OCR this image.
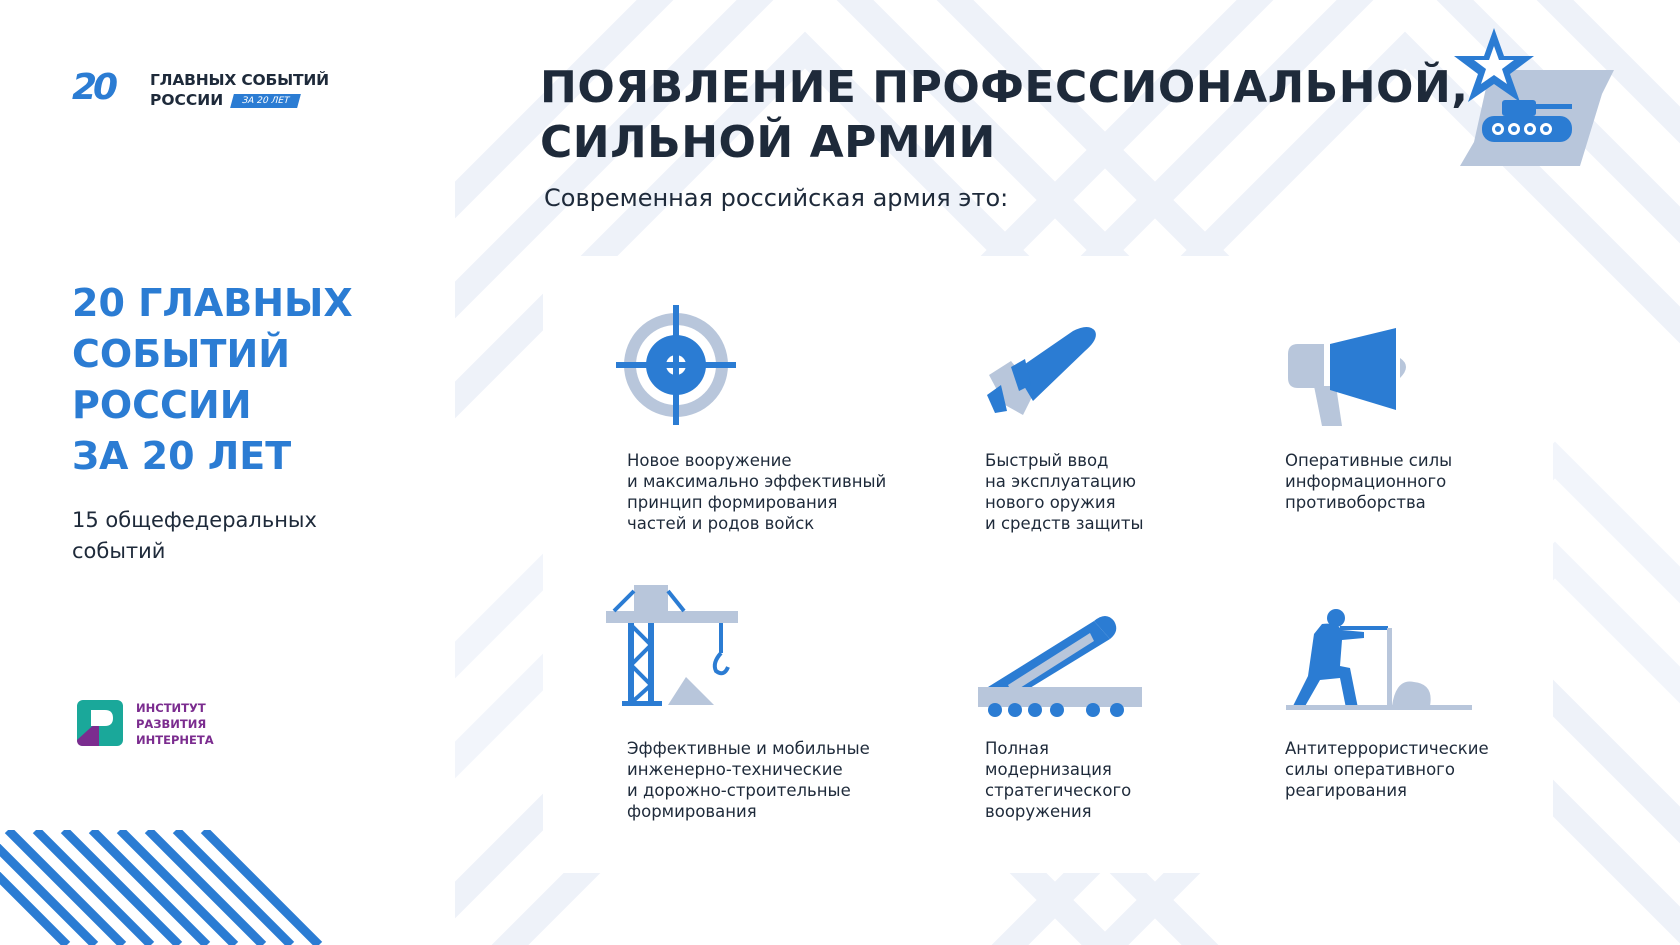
20 ГЛАВНЫХ СОБЫТИЙ
РОССИИ	ЗА 20 ЛЕТ
20 ГЛАВНЫХ
СОБЫТИЙ
РОССИИ
ЗА 20 ЛЕТ
15 общефедеральных
событий
ИНСТИТУТ
РАЗВИТИЯ
ИНТЕРНЕТА
ПОЯВЛЕНИЕ ПРОФЕССИОНАЛЬНОЙ,
СИЛЬНОЙ АРМИИ
Современная российская армия это:
Новое вооружение
и максимально эффективный
принцип формирования
частей и родов войск
Быстрый ввод
на эксплуатацию
нового оружия
и средств защиты
Оперативные силы
информационного
противоборства
Эффективные и мобильные
инженерно-технические
и дорожно-строительные
формирования
Полная
модернизация
стратегического
вооружения
Антитеррористические
силы оперативного
реагирования
